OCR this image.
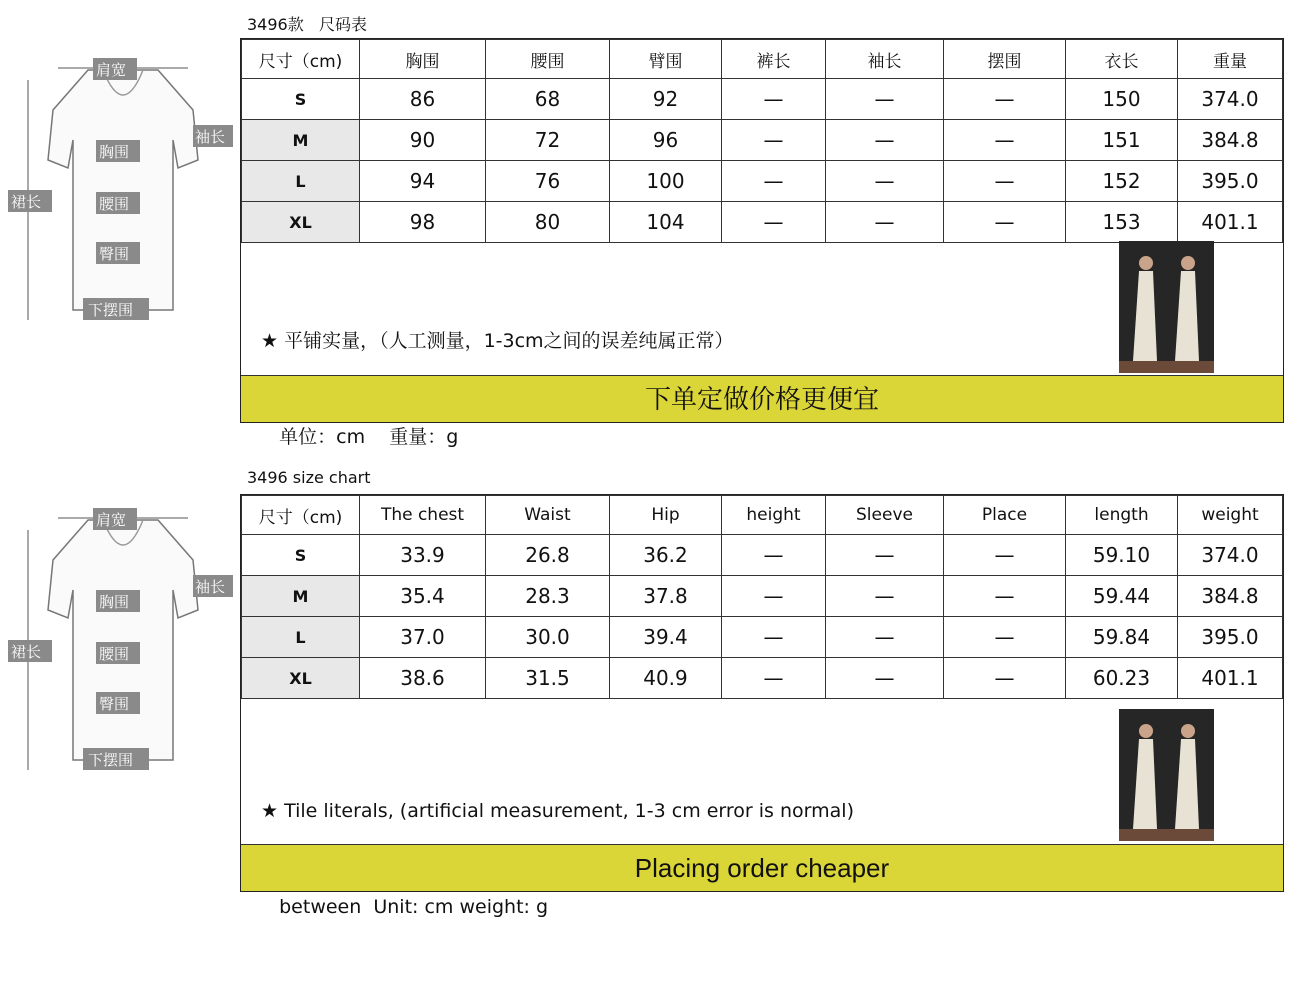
3496款   尺码表
肩宽
袖长
胸围
裙长	腰围
臀围
下摆围
尺寸（cm)	胸围	腰围	臂围	裤长	袖长	摆围	衣长	重量
S	86	68	92	—	—	—	150	374.0
M	90	72	96	—	—	—	151	384.8
L	94	76	100	—	—	—	152	395.0
XL	98	80	104	—	—	—	153	401.1

★ 平铺实量，（人工测量，1-3cm之间的误差纯属正常）

单位：cm    重量：g

下单定做价格更便宜
3496 size chart
肩宽
袖长
胸围
裙长	腰围
臀围
下摆围
尺寸（cm)	The chest	Waist	Hip	height	Sleeve	Place	length	weight
S	33.9	26.8	36.2	—	—	—	59.10	374.0
M	35.4	28.3	37.8	—	—	—	59.44	384.8
L	37.0	30.0	39.4	—	—	—	59.84	395.0
XL	38.6	31.5	40.9	—	—	—	60.23	401.1

★ Tile literals, (artificial measurement, 1-3 cm error is normal)

between  Unit: cm weight: g

Placing order cheaper
